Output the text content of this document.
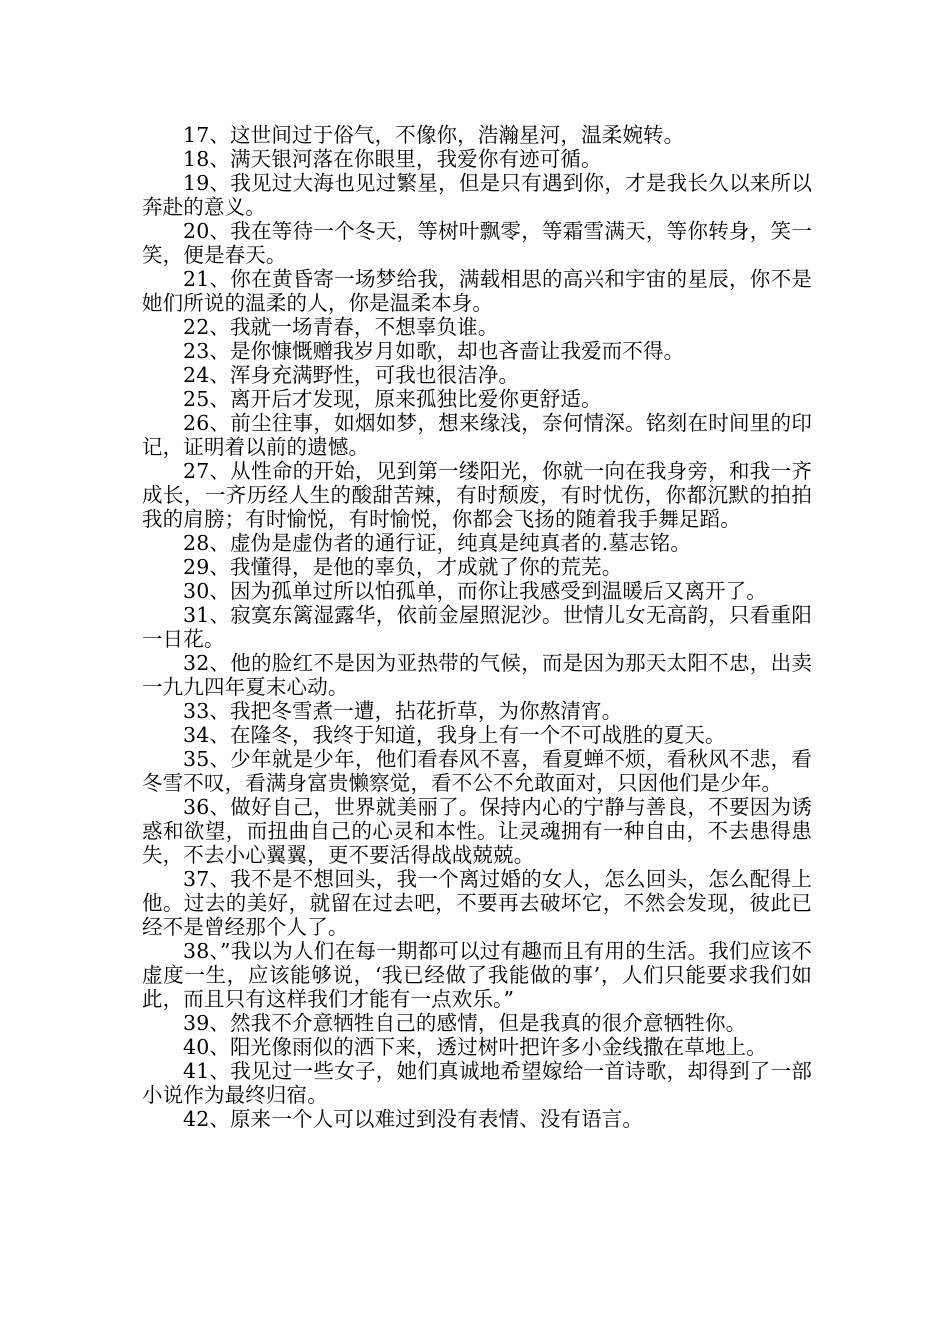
17、这世间过于俗气，不像你，浩瀚星河，温柔婉转。

18、满天银河落在你眼里，我爱你有迹可循。

19、我见过大海也见过繁星，但是只有遇到你，才是我长久以来所以奔赴的意义。

20、我在等待一个冬天，等树叶飘零，等霜雪满天，等你转身，笑一笑，便是春天。

21、你在黄昏寄一场梦给我，满载相思的高兴和宇宙的星辰，你不是她们所说的温柔的人，你是温柔本身。

22、我就一场青春，不想辜负谁。

23、是你慷慨赠我岁月如歌，却也吝啬让我爱而不得。

24、浑身充满野性，可我也很洁净。

25、离开后才发现，原来孤独比爱你更舒适。

26、前尘往事，如烟如梦，想来缘浅，奈何情深。铭刻在时间里的印记，证明着以前的遗憾。

27、从性命的开始，见到第一缕阳光，你就一向在我身旁，和我一齐成长，一齐历经人生的酸甜苦辣，有时颓废，有时忧伤，你都沉默的拍拍我的肩膀；有时愉悦，有时愉悦，你都会飞扬的随着我手舞足蹈。

28、虚伪是虚伪者的通行证，纯真是纯真者的.墓志铭。

29、我懂得，是他的辜负，才成就了你的荒芜。

30、因为孤单过所以怕孤单，而你让我感受到温暖后又离开了。

31、寂寞东篱湿露华，依前金屋照泥沙。世情儿女无高韵，只看重阳一日花。

32、他的脸红不是因为亚热带的气候，而是因为那天太阳不忠，出卖一九九四年夏末心动。

33、我把冬雪煮一遭，拈花折草，为你熬清宵。

34、在隆冬，我终于知道，我身上有一个不可战胜的夏天。

35、少年就是少年，他们看春风不喜，看夏蝉不烦，看秋风不悲，看冬雪不叹，看满身富贵懒察觉，看不公不允敢面对，只因他们是少年。

36、做好自己，世界就美丽了。保持内心的宁静与善良，不要因为诱惑和欲望，而扭曲自己的心灵和本性。让灵魂拥有一种自由，不去患得患失，不去小心翼翼，更不要活得战战兢兢。

37、我不是不想回头，我一个离过婚的女人，怎么回头，怎么配得上他。过去的美好，就留在过去吧，不要再去破坏它，不然会发现，彼此已经不是曾经那个人了。

38、”我以为人们在每一期都可以过有趣而且有用的生活。我们应该不虚度一生，应该能够说，‘我已经做了我能做的事’，人们只能要求我们如此，而且只有这样我们才能有一点欢乐。”

39、然我不介意牺牲自己的感情，但是我真的很介意牺牲你。

40、阳光像雨似的洒下来，透过树叶把许多小金线撒在草地上。

41、我见过一些女子，她们真诚地希望嫁给一首诗歌，却得到了一部小说作为最终归宿。

42、原来一个人可以难过到没有表情、没有语言。
